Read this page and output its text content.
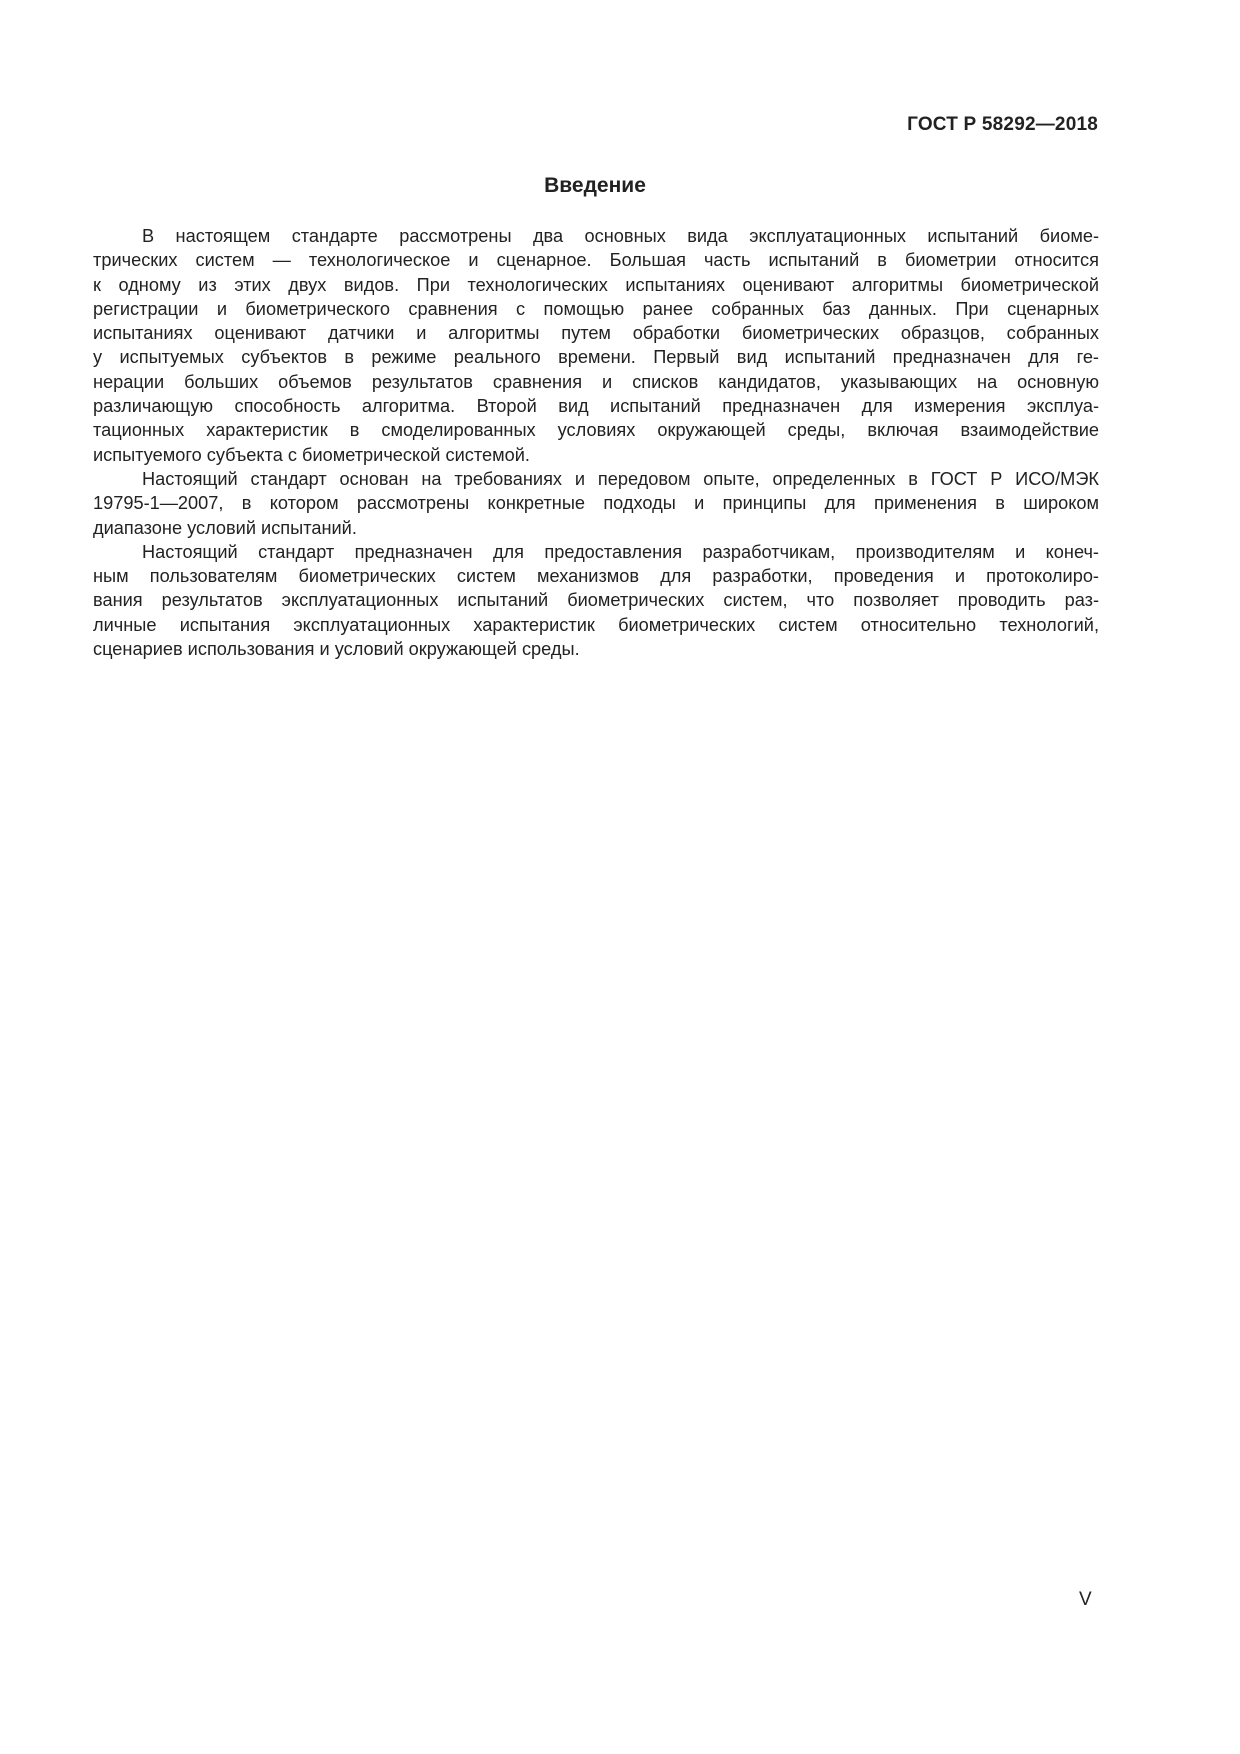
ГОСТ Р 58292—2018
Введение
В настоящем стандарте рассмотрены два основных вида эксплуатационных испытаний биоме-
трических систем — технологическое и сценарное. Большая часть испытаний в биометрии относится
к одному из этих двух видов. При технологических испытаниях оценивают алгоритмы биометрической
регистрации и биометрического сравнения с помощью ранее собранных баз данных. При сценарных
испытаниях оценивают датчики и алгоритмы путем обработки биометрических образцов, собранных
у испытуемых субъектов в режиме реального времени. Первый вид испытаний предназначен для ге-
нерации больших объемов результатов сравнения и списков кандидатов, указывающих на основную
различающую способность алгоритма. Второй вид испытаний предназначен для измерения эксплуа-
тационных характеристик в смоделированных условиях окружающей среды, включая взаимодействие
испытуемого субъекта с биометрической системой.
Настоящий стандарт основан на требованиях и передовом опыте, определенных в ГОСТ Р ИСО/МЭК
19795-1—2007, в котором рассмотрены конкретные подходы и принципы для применения в широком
диапазоне условий испытаний.
Настоящий стандарт предназначен для предоставления разработчикам, производителям и конеч-
ным пользователям биометрических систем механизмов для разработки, проведения и протоколиро-
вания результатов эксплуатационных испытаний биометрических систем, что позволяет проводить раз-
личные испытания эксплуатационных характеристик биометрических систем относительно технологий,
сценариев использования и условий окружающей среды.
V
